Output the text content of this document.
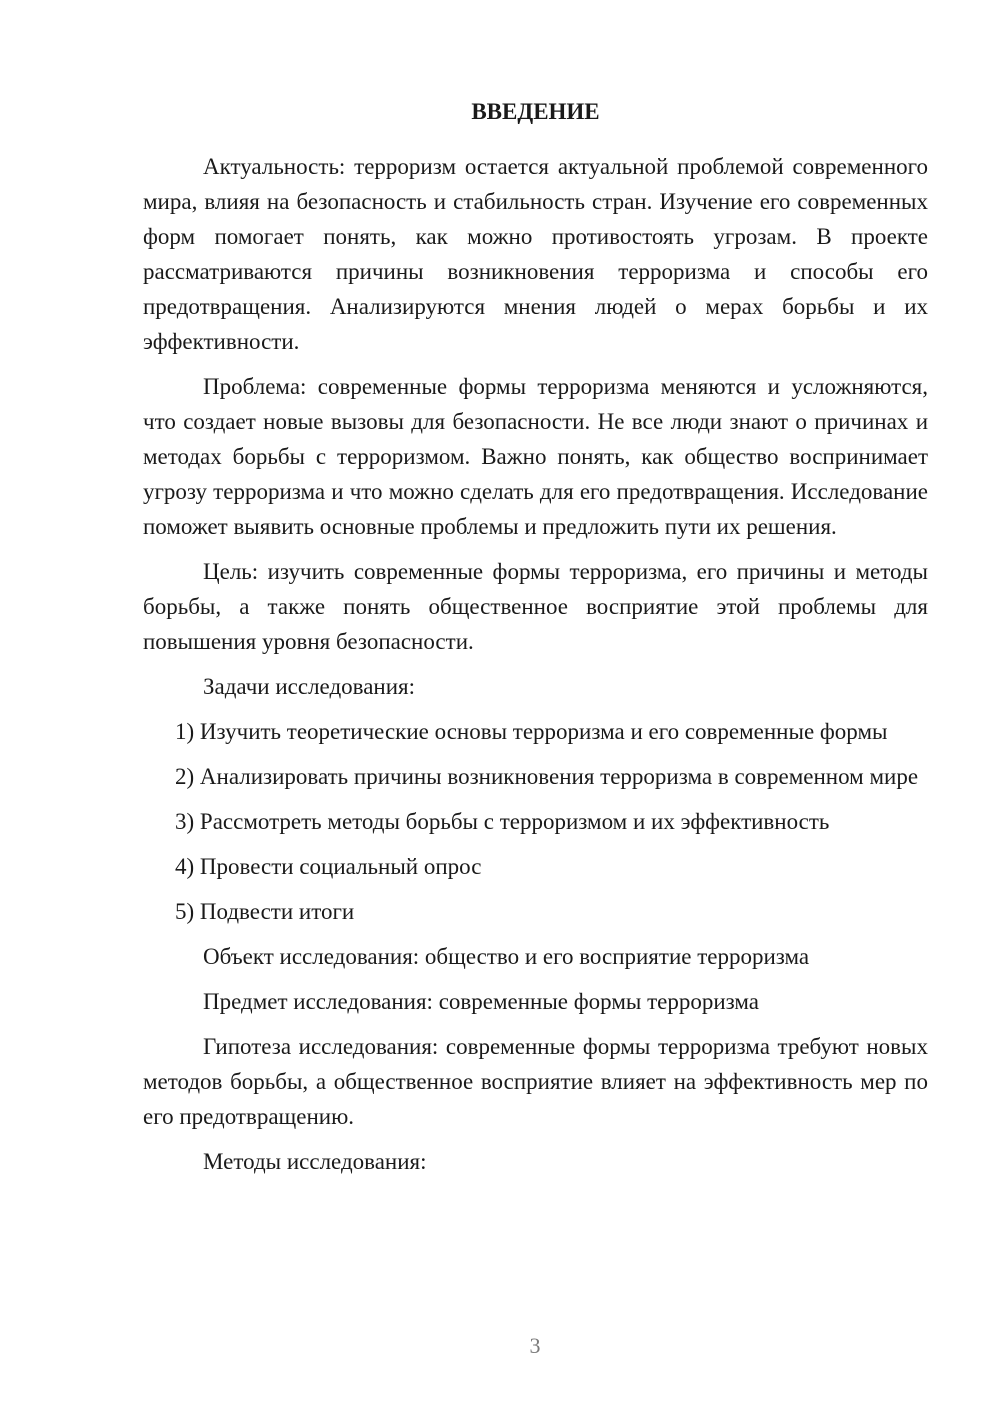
ВВЕДЕНИЕ

Актуальность: терроризм остается актуальной проблемой современного мира, влияя на безопасность и стабильность стран. Изучение его современных форм помогает понять, как можно противостоять угрозам. В проекте рассматриваются причины возникновения терроризма и способы его предотвращения. Анализируются мнения людей о мерах борьбы и их эффективности.

Проблема: современные формы терроризма меняются и усложняются, что создает новые вызовы для безопасности. Не все люди знают о причинах и методах борьбы с терроризмом. Важно понять, как общество воспринимает угрозу терроризма и что можно сделать для его предотвращения. Исследование поможет выявить основные проблемы и предложить пути их решения.

Цель: изучить современные формы терроризма, его причины и методы борьбы, а также понять общественное восприятие этой проблемы для повышения уровня безопасности.

Задачи исследования:

1) Изучить теоретические основы терроризма и его современные формы

2) Анализировать причины возникновения терроризма в современном мире

3) Рассмотреть методы борьбы с терроризмом и их эффективность

4) Провести социальный опрос

5) Подвести итоги

Объект исследования: общество и его восприятие терроризма

Предмет исследования: современные формы терроризма

Гипотеза исследования: современные формы терроризма требуют новых методов борьбы, а общественное восприятие влияет на эффективность мер по его предотвращению.

Методы исследования:

3
